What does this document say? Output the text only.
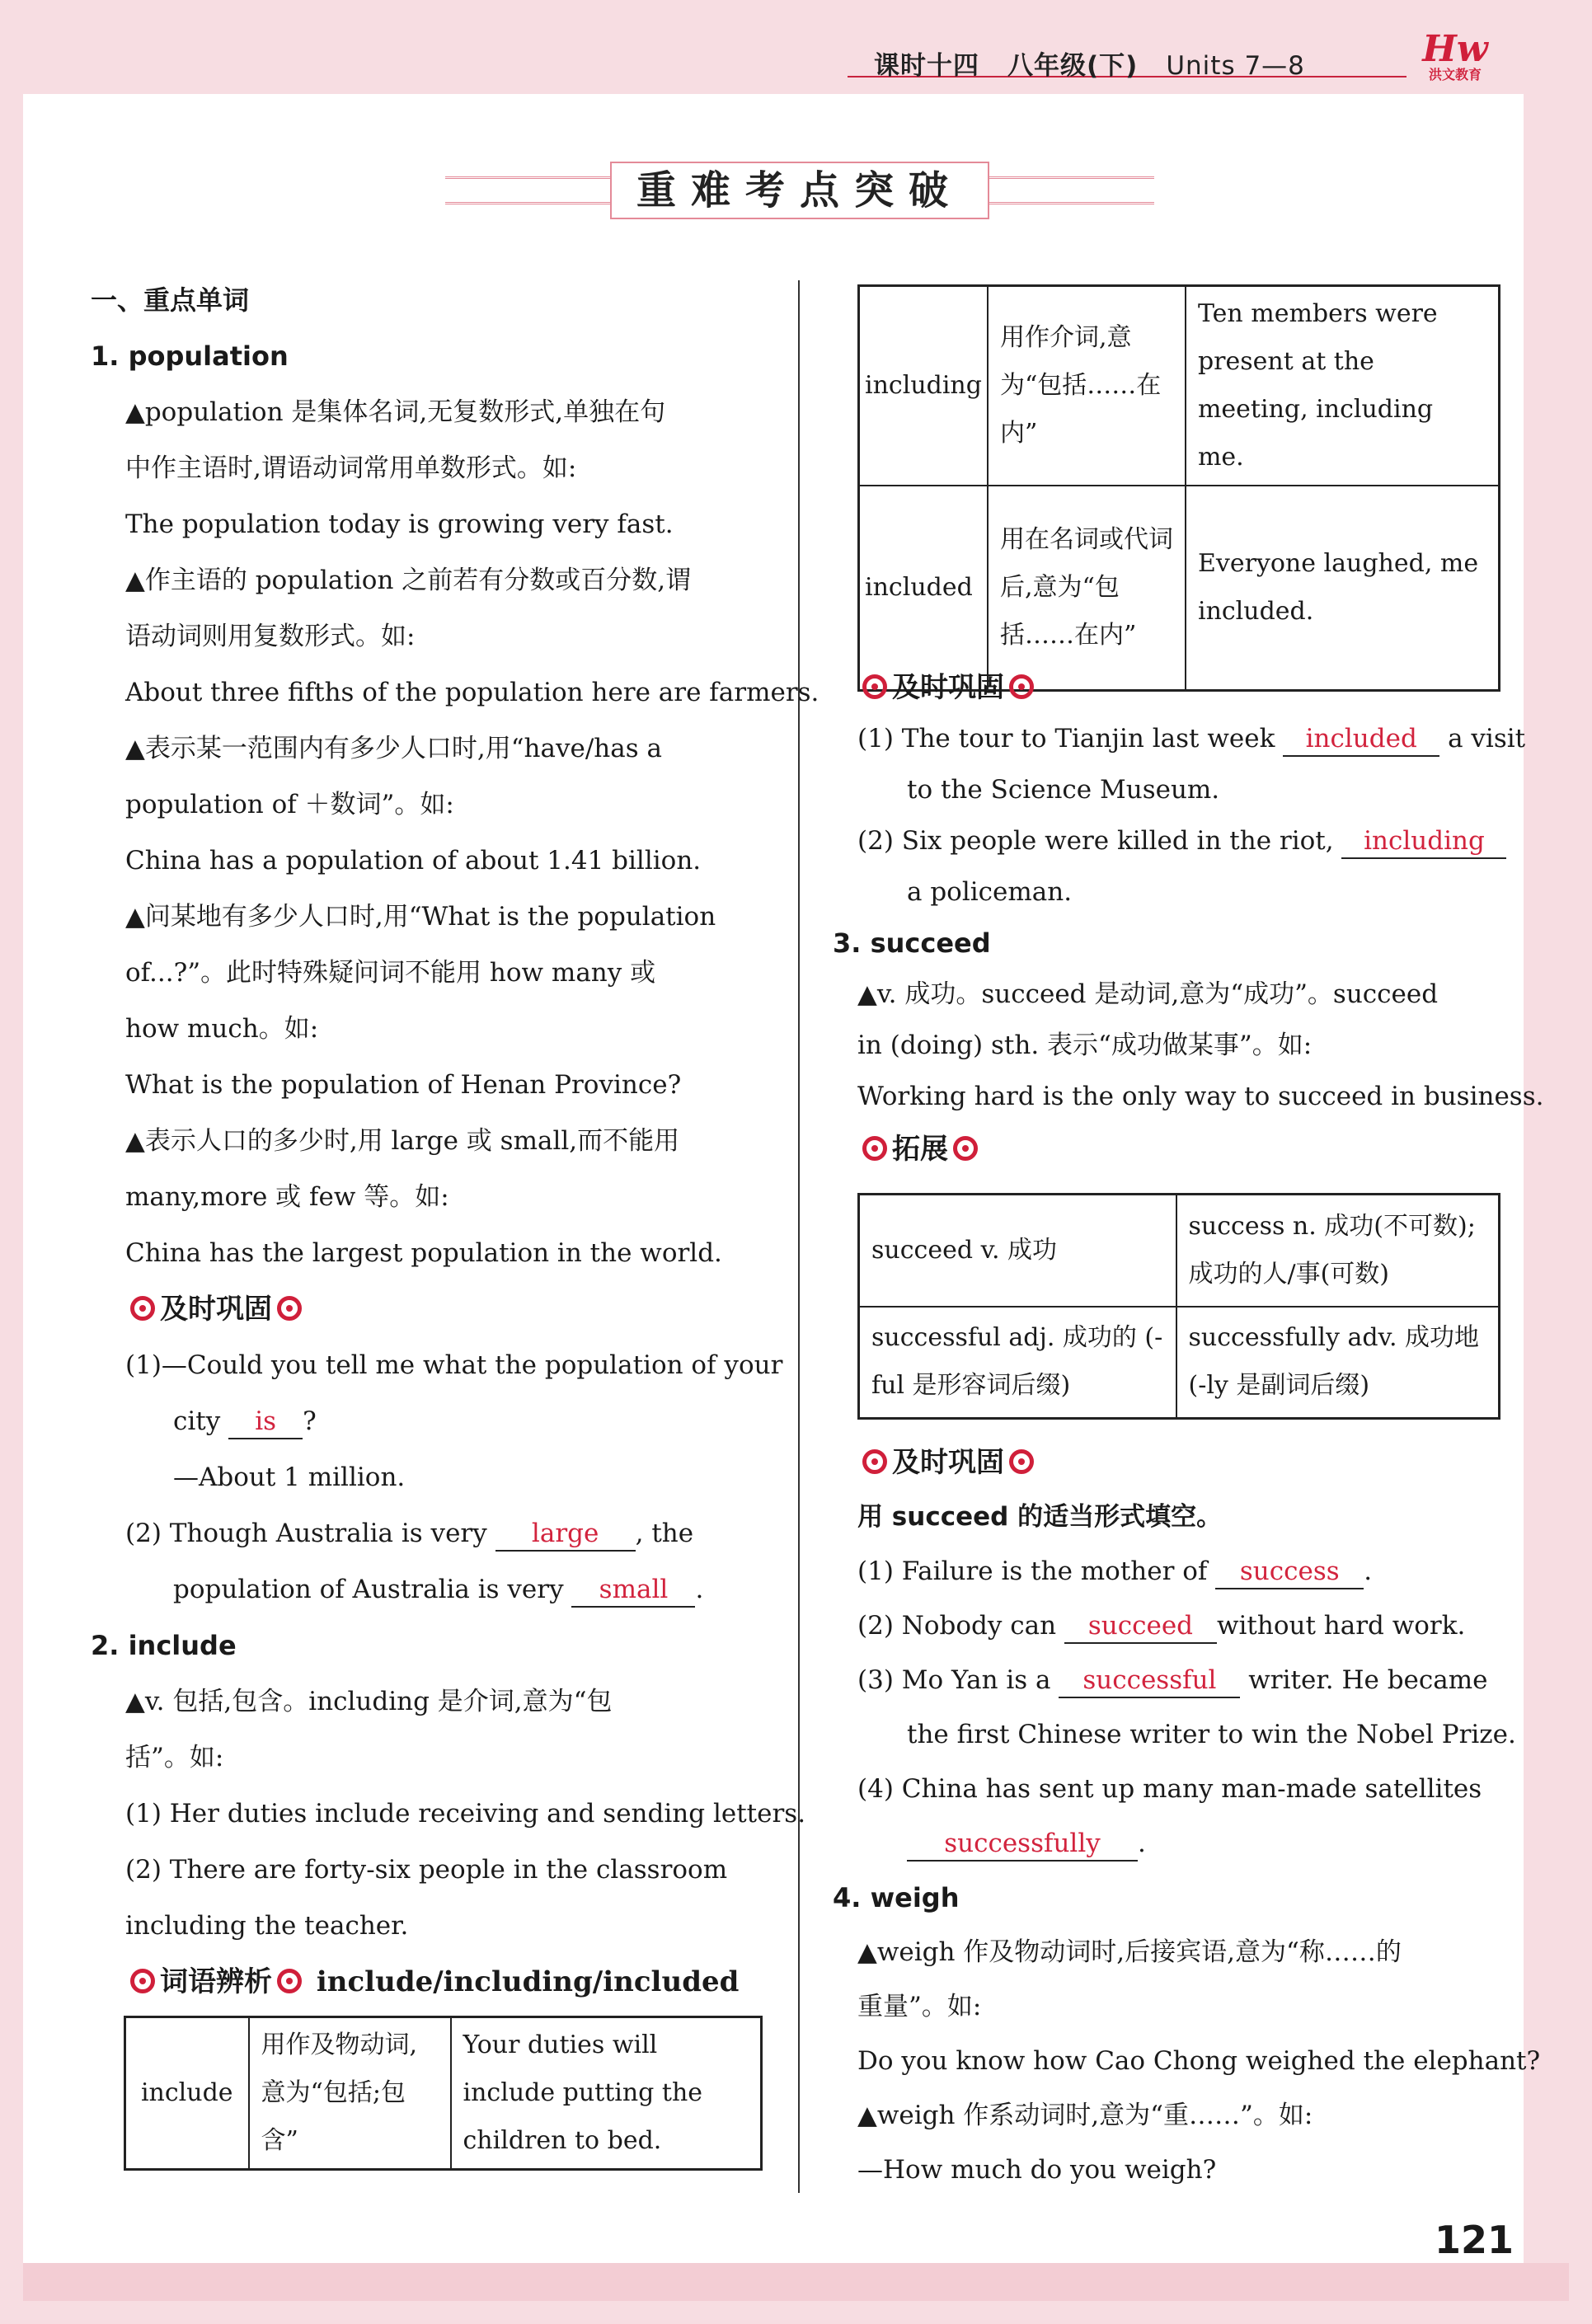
课时十四 八年级(下) Units 7—8	Hw
洪文教育
重难考点突破
一、重点单词
1. population
▲population 是集体名词,无复数形式,单独在句
中作主语时,谓语动词常用单数形式。如:
The population today is growing very fast.
▲作主语的 population 之前若有分数或百分数,谓
语动词则用复数形式。如:
About three fifths of the population here are farmers.
▲表示某一范围内有多少人口时,用“have/has a
population of ＋数词”。如:
China has a population of about 1.41 billion.
▲问某地有多少人口时,用“What is the population
of...?”。此时特殊疑问词不能用 how many 或
how much。如:
What is the population of Henan Province?
▲表示人口的多少时,用 large 或 small,而不能用
many,more 或 few 等。如:
China has the largest population in the world.
及时巩固
(1)—Could you tell me what the population of your
city is ?
—About 1 million.
(2) Though Australia is very large , the
population of Australia is very small .
2. include
▲v. 包括,包含。including 是介词,意为“包
括”。如:
(1) Her duties include receiving and sending letters.
(2) There are forty-six people in the classroom
including the teacher.
词语辨析 include/including/included
include	用作及物动词,意为“包括;包含”	Your duties will include putting the children to bed.
including	用作介词,意为“包括……在内”	Ten members were present at the meeting, including me.
included	用在名词或代词后,意为“包括……在内”	Everyone laughed, me included.
及时巩固
(1) The tour to Tianjin last week included a visit
to the Science Museum.
(2) Six people were killed in the riot, including
a policeman.
3. succeed
▲v. 成功。succeed 是动词,意为“成功”。succeed
in (doing) sth. 表示“成功做某事”。如:
Working hard is the only way to succeed in business.
拓展
succeed v. 成功	success n. 成功(不可数);成功的人/事(可数)
successful adj. 成功的 (-ful 是形容词后缀)	successfully adv. 成功地 (-ly 是副词后缀)
及时巩固
用 succeed 的适当形式填空。
(1) Failure is the mother of success .
(2) Nobody can succeed without hard work.
(3) Mo Yan is a successful writer. He became
the first Chinese writer to win the Nobel Prize.
(4) China has sent up many man-made satellites
successfully .
4. weigh
▲weigh 作及物动词时,后接宾语,意为“称……的
重量”。如:
Do you know how Cao Chong weighed the elephant?
▲weigh 作系动词时,意为“重……”。如:
—How much do you weigh?
121
